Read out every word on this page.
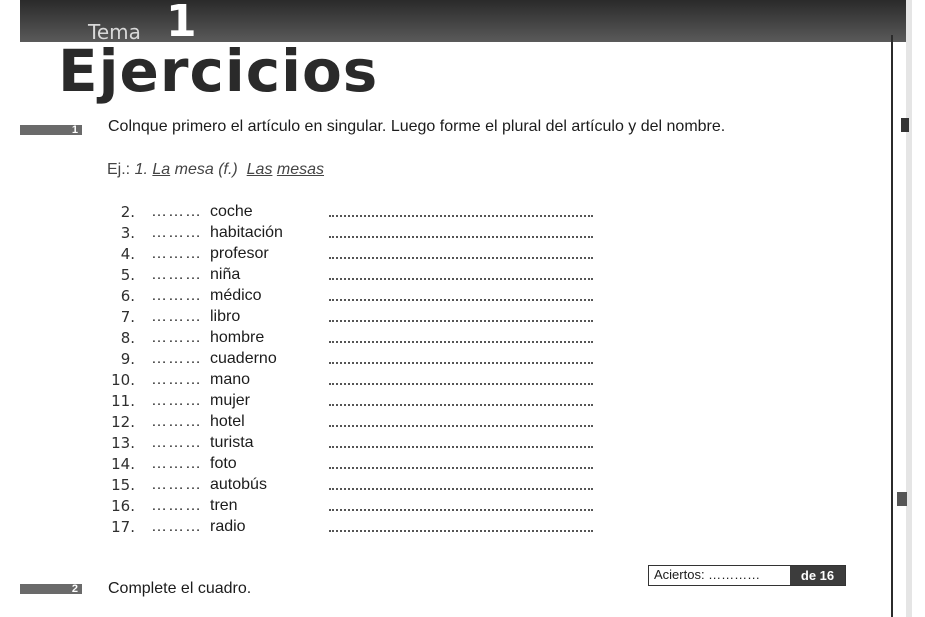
Tema 1
Ejercicios
1 Colnque primero el artículo en singular. Luego forme el plural del artículo y del nombre.
Ej.: 1. La mesa (f.) Las mesas
2. ……… coche
3. ……… habitación
4. ……… profesor
5. ……… niña
6. ……… médico
7. ……… libro
8. ……… hombre
9. ……… cuaderno
10. ……… mano
11. ……… mujer
12. ……… hotel
13. ……… turista
14. ……… foto
15. ……… autobús
16. ……… tren
17. ……… radio
Aciertos: …………	de 16
2 Complete el cuadro.
